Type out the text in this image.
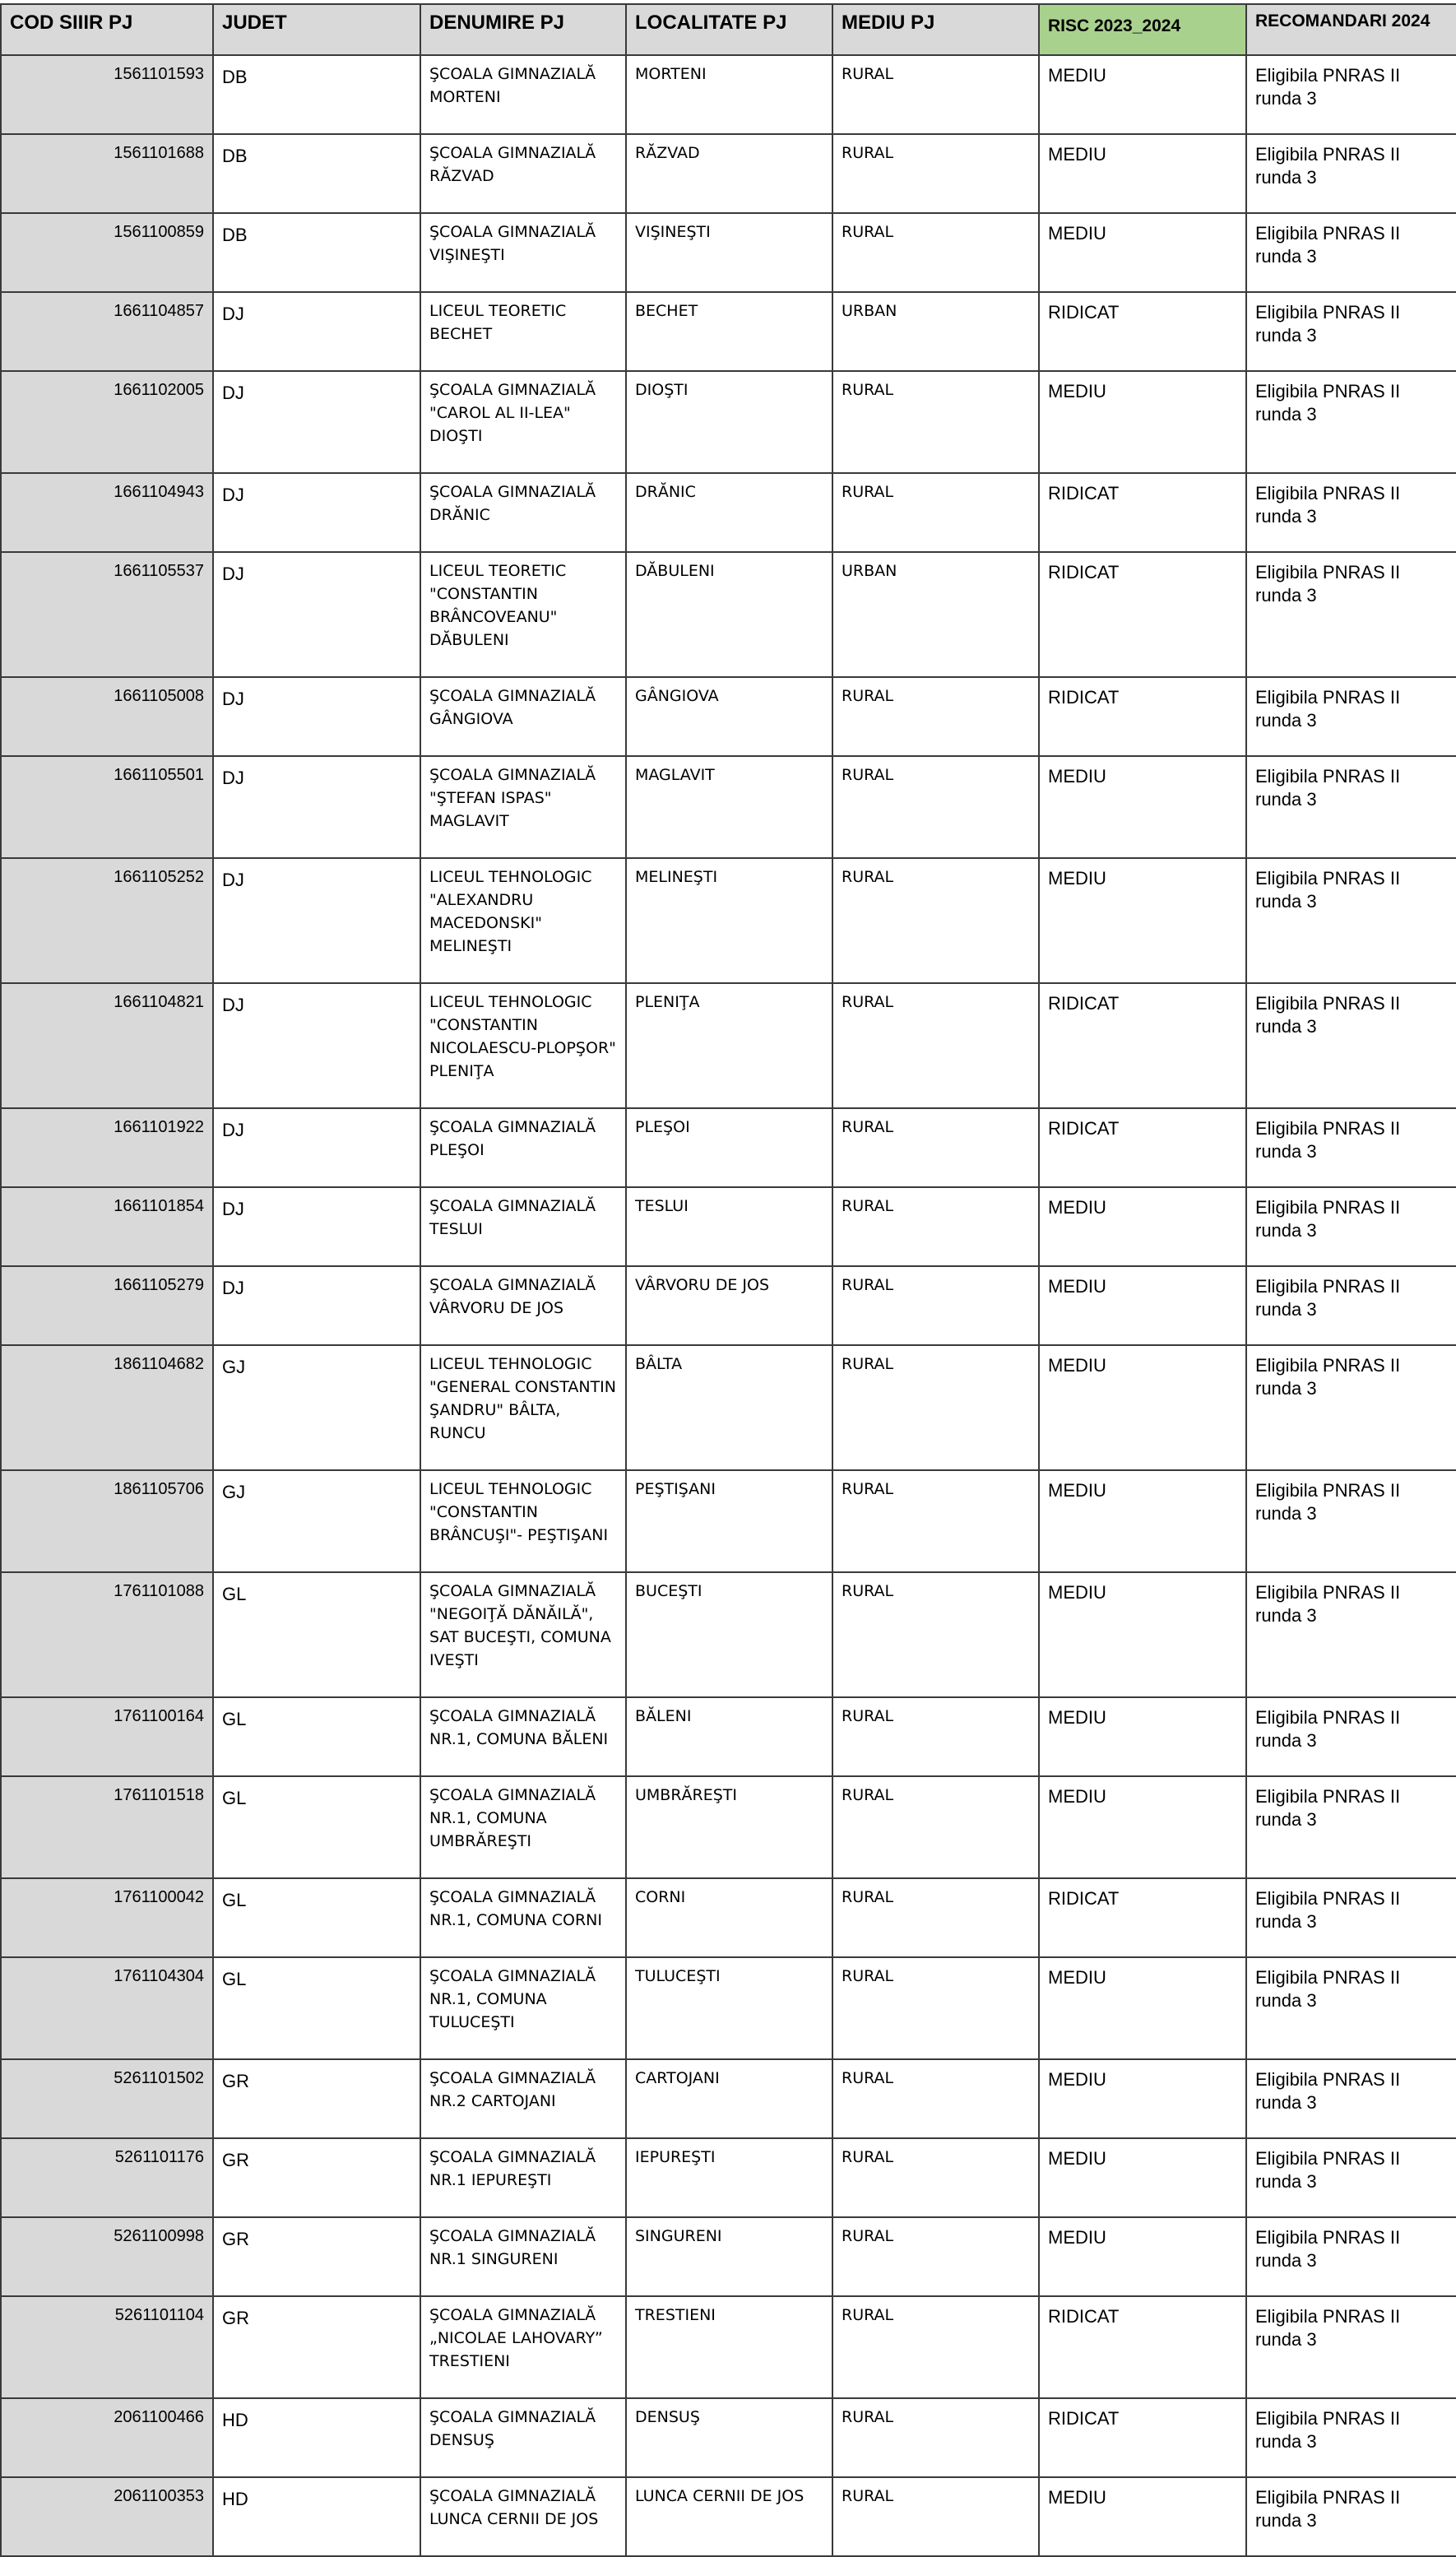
COD SIIIR PJ	JUDET	DENUMIRE PJ	LOCALITATE PJ	MEDIU PJ	RISC 2023_2024	RECOMANDARI 2024
1561101593	DB	ŞCOALA GIMNAZIALĂ
MORTENI	MORTENI	RURAL	MEDIU	Eligibila PNRAS II
runda 3
1561101688	DB	ŞCOALA GIMNAZIALĂ
RĂZVAD	RĂZVAD	RURAL	MEDIU	Eligibila PNRAS II
runda 3
1561100859	DB	ŞCOALA GIMNAZIALĂ
VIŞINEŞTI	VIŞINEŞTI	RURAL	MEDIU	Eligibila PNRAS II
runda 3
1661104857	DJ	LICEUL TEORETIC
BECHET	BECHET	URBAN	RIDICAT	Eligibila PNRAS II
runda 3
1661102005	DJ	ŞCOALA GIMNAZIALĂ
"CAROL AL II-LEA"
DIOŞTI	DIOŞTI	RURAL	MEDIU	Eligibila PNRAS II
runda 3
1661104943	DJ	ŞCOALA GIMNAZIALĂ
DRĂNIC	DRĂNIC	RURAL	RIDICAT	Eligibila PNRAS II
runda 3
1661105537	DJ	LICEUL TEORETIC
"CONSTANTIN
BRÂNCOVEANU"
DĂBULENI	DĂBULENI	URBAN	RIDICAT	Eligibila PNRAS II
runda 3
1661105008	DJ	ŞCOALA GIMNAZIALĂ
GÂNGIOVA	GÂNGIOVA	RURAL	RIDICAT	Eligibila PNRAS II
runda 3
1661105501	DJ	ŞCOALA GIMNAZIALĂ
"ŞTEFAN ISPAS"
MAGLAVIT	MAGLAVIT	RURAL	MEDIU	Eligibila PNRAS II
runda 3
1661105252	DJ	LICEUL TEHNOLOGIC
"ALEXANDRU
MACEDONSKI"
MELINEŞTI	MELINEŞTI	RURAL	MEDIU	Eligibila PNRAS II
runda 3
1661104821	DJ	LICEUL TEHNOLOGIC
"CONSTANTIN
NICOLAESCU-PLOPŞOR"
PLENIŢA	PLENIŢA	RURAL	RIDICAT	Eligibila PNRAS II
runda 3
1661101922	DJ	ŞCOALA GIMNAZIALĂ
PLEŞOI	PLEŞOI	RURAL	RIDICAT	Eligibila PNRAS II
runda 3
1661101854	DJ	ŞCOALA GIMNAZIALĂ
TESLUI	TESLUI	RURAL	MEDIU	Eligibila PNRAS II
runda 3
1661105279	DJ	ŞCOALA GIMNAZIALĂ
VÂRVORU DE JOS	VÂRVORU DE JOS	RURAL	MEDIU	Eligibila PNRAS II
runda 3
1861104682	GJ	LICEUL TEHNOLOGIC
"GENERAL CONSTANTIN
ŞANDRU" BÂLTA,
RUNCU	BÂLTA	RURAL	MEDIU	Eligibila PNRAS II
runda 3
1861105706	GJ	LICEUL TEHNOLOGIC
"CONSTANTIN
BRÂNCUŞI"- PEŞTIŞANI	PEŞTIŞANI	RURAL	MEDIU	Eligibila PNRAS II
runda 3
1761101088	GL	ŞCOALA GIMNAZIALĂ
"NEGOIŢĂ DĂNĂILĂ",
SAT BUCEŞTI, COMUNA
IVEŞTI	BUCEŞTI	RURAL	MEDIU	Eligibila PNRAS II
runda 3
1761100164	GL	ŞCOALA GIMNAZIALĂ
NR.1, COMUNA BĂLENI	BĂLENI	RURAL	MEDIU	Eligibila PNRAS II
runda 3
1761101518	GL	ŞCOALA GIMNAZIALĂ
NR.1, COMUNA
UMBRĂREŞTI	UMBRĂREŞTI	RURAL	MEDIU	Eligibila PNRAS II
runda 3
1761100042	GL	ŞCOALA GIMNAZIALĂ
NR.1, COMUNA CORNI	CORNI	RURAL	RIDICAT	Eligibila PNRAS II
runda 3
1761104304	GL	ŞCOALA GIMNAZIALĂ
NR.1, COMUNA
TULUCEŞTI	TULUCEŞTI	RURAL	MEDIU	Eligibila PNRAS II
runda 3
5261101502	GR	ŞCOALA GIMNAZIALĂ
NR.2 CARTOJANI	CARTOJANI	RURAL	MEDIU	Eligibila PNRAS II
runda 3
5261101176	GR	ŞCOALA GIMNAZIALĂ
NR.1 IEPUREŞTI	IEPUREŞTI	RURAL	MEDIU	Eligibila PNRAS II
runda 3
5261100998	GR	ŞCOALA GIMNAZIALĂ
NR.1 SINGURENI	SINGURENI	RURAL	MEDIU	Eligibila PNRAS II
runda 3
5261101104	GR	ŞCOALA GIMNAZIALĂ
„NICOLAE LAHOVARY”
TRESTIENI	TRESTIENI	RURAL	RIDICAT	Eligibila PNRAS II
runda 3
2061100466	HD	ŞCOALA GIMNAZIALĂ
DENSUŞ	DENSUŞ	RURAL	RIDICAT	Eligibila PNRAS II
runda 3
2061100353	HD	ŞCOALA GIMNAZIALĂ
LUNCA CERNII DE JOS	LUNCA CERNII DE JOS	RURAL	MEDIU	Eligibila PNRAS II
runda 3
